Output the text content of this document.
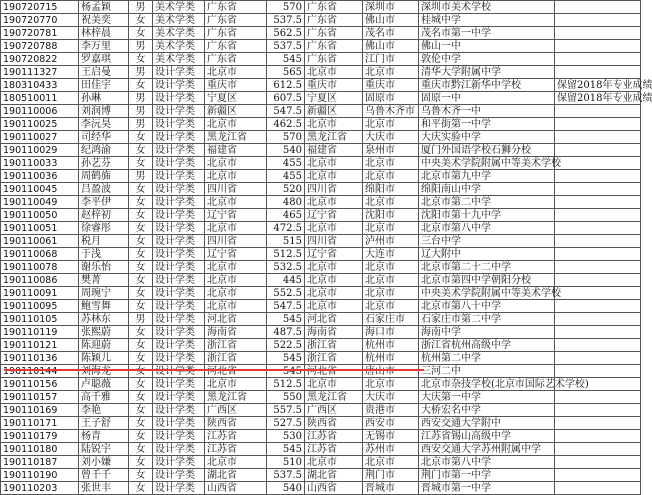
190720715	杨孟颖	男	美术学类	广东省	570	广东省	深圳市	深圳市美术学校	
190720770	祝美奕	女	美术学类	广东省	537.5	广东省	佛山市	桂城中学	
190720781	林梓晨	女	美术学类	广东省	562.5	广东省	茂名市	茂名市第一中学	
190720788	李万里	男	美术学类	广东省	537.5	广东省	佛山市	佛山一中	
190720822	罗嘉琪	女	美术学类	广东省	545	广东省	江门市	敦伦中学	
190111327	王启曼	男	设计学类	北京市	565	北京市	北京市	清华大学附属中学	
180310433	田佳宇	女	设计学类	重庆市	612.5	重庆市	重庆市	重庆市黔江新华中学校	保留2018年专业成绩
180510011	孙琳	男	设计学类	宁夏区	607.5	宁夏区	固原市	固原一中	保留2018年专业成绩
190110006	刘润博	男	设计学类	新疆区	547.5	新疆区	乌鲁木齐市	乌鲁木齐一中	
190110025	李沅昊	男	设计学类	北京市	462.5	北京市	北京市	和平街第一中学	
190110027	司经华	女	设计学类	黑龙江省	570	黑龙江省	大庆市	大庆实验中学	
190110029	纪鸿渝	女	设计学类	福建省	540	福建省	泉州市	厦门外国语学校石狮分校	
190110033	孙艺芬	女	设计学类	北京市	455	北京市	北京市	中央美术学院附属中等美术学校	
190110036	周鹤旆	男	设计学类	北京市	455	北京市	北京市	北京市第九中学	
190110045	吕盈波	女	设计学类	四川省	520	四川省	绵阳市	绵阳南山中学	
190110049	李平伊	女	设计学类	北京市	480	北京市	北京市	北京市第二中学	
190110050	赵梓初	女	设计学类	辽宁省	465	辽宁省	沈阳市	沈阳市第十九中学	
190110051	徐睿彤	女	设计学类	北京市	472.5	北京市	北京市	北京市第八中学	
190110061	税月	女	设计学类	四川省	515	四川省	泸州市	三台中学	
190110068	于浅	女	设计学类	辽宁省	512.5	辽宁省	大连市	辽大附中	
190110078	谢乐怡	女	设计学类	北京市	532.5	北京市	北京市	北京市第二十二中学	
190110086	樊菁	女	设计学类	北京市	445	北京市	北京市	北京市第四中学朝阳分校	
190110091	周琬宁	女	设计学类	北京市	552.5	北京市	北京市	中央美术学院附属中等美术学校	
190110095	鲍雪舞	女	设计学类	北京市	547.5	北京市	北京市	北京市第八十中学	
190110105	苏林东	男	设计学类	河北省	545	河北省	石家庄市	石家庄市第二中学	
190110119	张熙蔚	女	设计学类	海南省	487.5	海南省	海口市	海南中学	
190110121	陈迎蔚	女	设计学类	浙江省	522.5	浙江省	杭州市	浙江省杭州高级中学	
190110136	陈颖儿	女	设计学类	浙江省	545	浙江省	杭州市	杭州第二中学	
190110144	刘海龙	女	设计学类	河北省	545	河北省	唐山市	三河二中	
190110156	卢聪薇	女	设计学类	北京市	512.5	北京市	北京市	北京市杂技学校(北京市国际艺术学校)	
190110157	高千雅	女	设计学类	黑龙江省	550	黑龙江省	大庆市	大庆第一中学	
190110169	李艳	女	设计学类	广西区	557.5	广西区	贵港市	大桥宏名中学	
190110171	王子舒	女	设计学类	陕西省	527.5	陕西省	西安市	西安交通大学附中	
190110179	杨青	女	设计学类	江苏省	530	江苏省	无锡市	江苏省锡山高级中学	
190110180	陆锐宇	女	设计学类	江苏省	545	江苏省	苏州市	西安交通大学苏州附属中学	
190110187	刘小嫌	女	设计学类	北京市	510	北京市	北京市	北京市第八中学	
190110190	曾千千	女	设计学类	湖北省	537.5	湖北省	荆门市	荆门市第一中学	
190110203	张世丰	女	设计学类	山西省	540	山西省	晋城市	晋城市第一中学	
